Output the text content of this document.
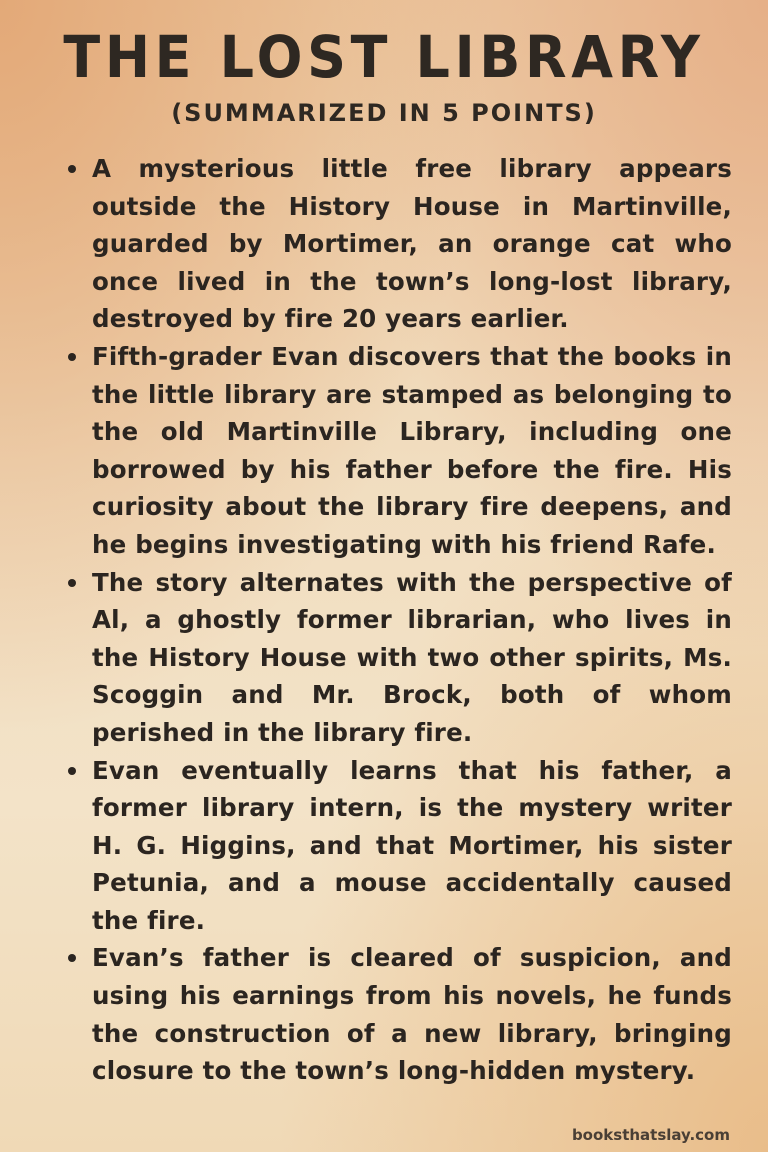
THE LOST LIBRARY
(SUMMARIZED IN 5 POINTS)
A mysterious little free library appears outside the History House in Martinville, guarded by Mortimer, an orange cat who once lived in the town’s long-lost library, destroyed by fire 20 years earlier.
Fifth-grader Evan discovers that the books in the little library are stamped as belonging to the old Martinville Library, including one borrowed by his father before the fire. His curiosity about the library fire deepens, and he begins investigating with his friend Rafe.
The story alternates with the perspective of Al, a ghostly former librarian, who lives in the History House with two other spirits, Ms. Scoggin and Mr. Brock, both of whom perished in the library fire.
Evan eventually learns that his father, a former library intern, is the mystery writer H. G. Higgins, and that Mortimer, his sister Petunia, and a mouse accidentally caused the fire.
Evan’s father is cleared of suspicion, and using his earnings from his novels, he funds the construction of a new library, bringing closure to the town’s long-hidden mystery.
booksthatslay.com
